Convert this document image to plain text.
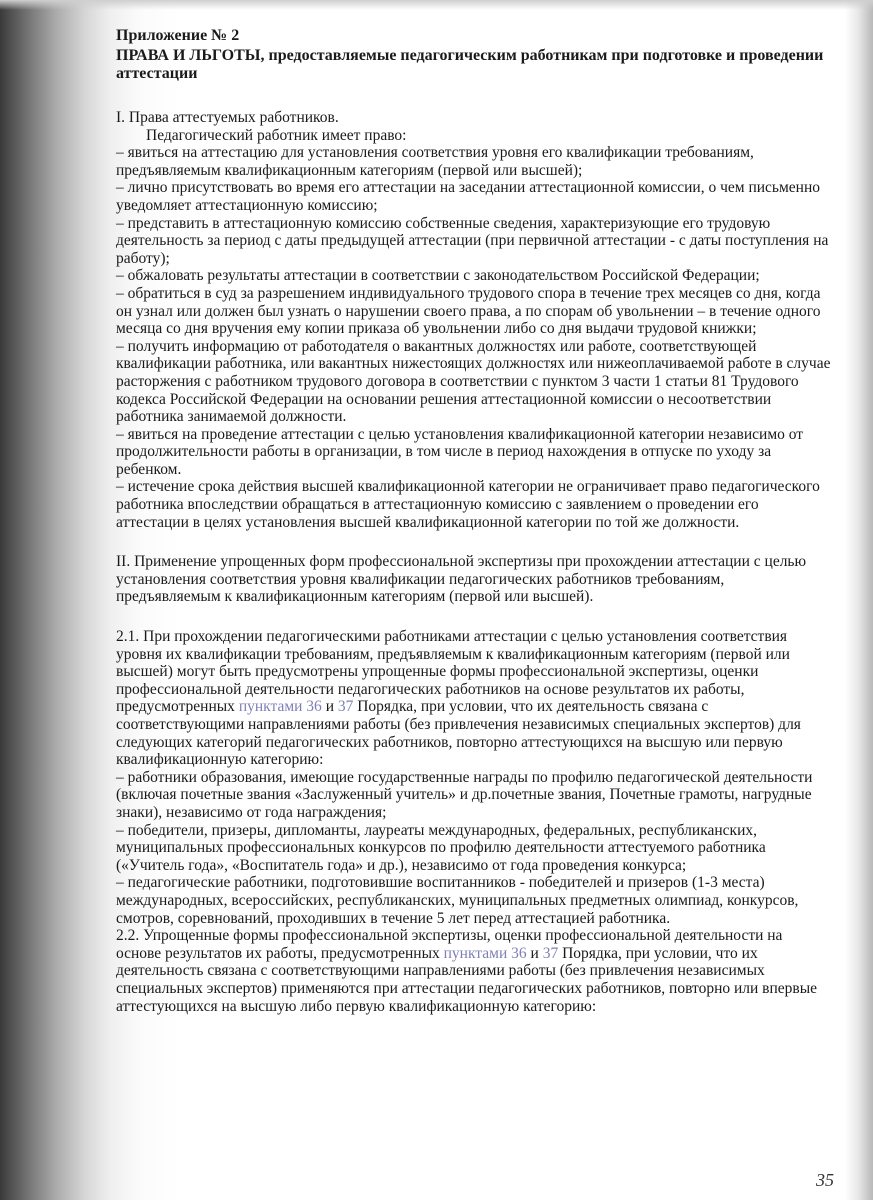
Приложение № 2

ПРАВА И ЛЬГОТЫ, предоставляемые педагогическим работникам при подготовке и проведении аттестации

I. Права аттестуемых работников.

Педагогический работник имеет право:

– явиться на аттестацию для установления соответствия уровня его квалификации требованиям, предъявляемым квалификационным категориям (первой или высшей);

– лично присутствовать во время его аттестации на заседании аттестационной комиссии, о чем письменно уведомляет аттестационную комиссию;

– представить в аттестационную комиссию собственные сведения, характеризующие его трудовую деятельность за период с даты предыдущей аттестации (при первичной аттестации - с даты поступления на работу);

– обжаловать результаты аттестации в соответствии с законодательством Российской Федерации;

– обратиться в суд за разрешением индивидуального трудового спора в течение трех месяцев со дня, когда он узнал или должен был узнать о нарушении своего права, а по спорам об увольнении – в течение одного месяца со дня вручения ему копии приказа об увольнении либо со дня выдачи трудовой книжки;

– получить информацию от работодателя о вакантных должностях или работе, соответствующей квалификации работника, или вакантных нижестоящих должностях или нижеоплачиваемой работе в случае расторжения с работником трудового договора в соответствии с пунктом 3 части 1 статьи 81 Трудового кодекса Российской Федерации на основании решения аттестационной комиссии о несоответствии работника занимаемой должности.

– явиться на проведение аттестации с целью установления квалификационной категории независимо от продолжительности работы в организации, в том числе в период нахождения в отпуске по уходу за ребенком.

– истечение срока действия высшей квалификационной категории не ограничивает право педагогического работника впоследствии обращаться в аттестационную комиссию с заявлением о проведении его аттестации в целях установления высшей квалификационной категории по той же должности.

II. Применение упрощенных форм профессиональной экспертизы при прохождении аттестации с целью установления соответствия уровня квалификации педагогических работников требованиям, предъявляемым к квалификационным категориям (первой или высшей).

2.1. При прохождении педагогическими работниками аттестации с целью установления соответствия уровня их квалификации требованиям, предъявляемым к квалификационным категориям (первой или высшей) могут быть предусмотрены упрощенные формы профессиональной экспертизы, оценки профессиональной деятельности педагогических работников на основе результатов их работы, предусмотренных пунктами 36 и 37 Порядка, при условии, что их деятельность связана с соответствующими направлениями работы (без привлечения независимых специальных экспертов) для следующих категорий педагогических работников, повторно аттестующихся на высшую или первую квалификационную категорию:

– работники образования, имеющие государственные награды по профилю педагогической деятельности (включая почетные звания «Заслуженный учитель» и др.почетные звания, Почетные грамоты, нагрудные знаки), независимо от года награждения;

– победители, призеры, дипломанты, лауреаты международных, федеральных, республиканских, муниципальных профессиональных конкурсов по профилю деятельности аттестуемого работника («Учитель года», «Воспитатель года» и др.), независимо от года проведения конкурса;

– педагогические работники, подготовившие воспитанников - победителей и призеров (1-3 места) международных, всероссийских, республиканских, муниципальных предметных олимпиад, конкурсов, смотров, соревнований, проходивших в течение 5 лет перед аттестацией работника.

2.2. Упрощенные формы профессиональной экспертизы, оценки профессиональной деятельности на основе результатов их работы, предусмотренных пунктами 36 и 37 Порядка, при условии, что их деятельность связана с соответствующими направлениями работы (без привлечения независимых специальных экспертов) применяются при аттестации педагогических работников, повторно или впервые аттестующихся на высшую либо первую квалификационную категорию:

35
